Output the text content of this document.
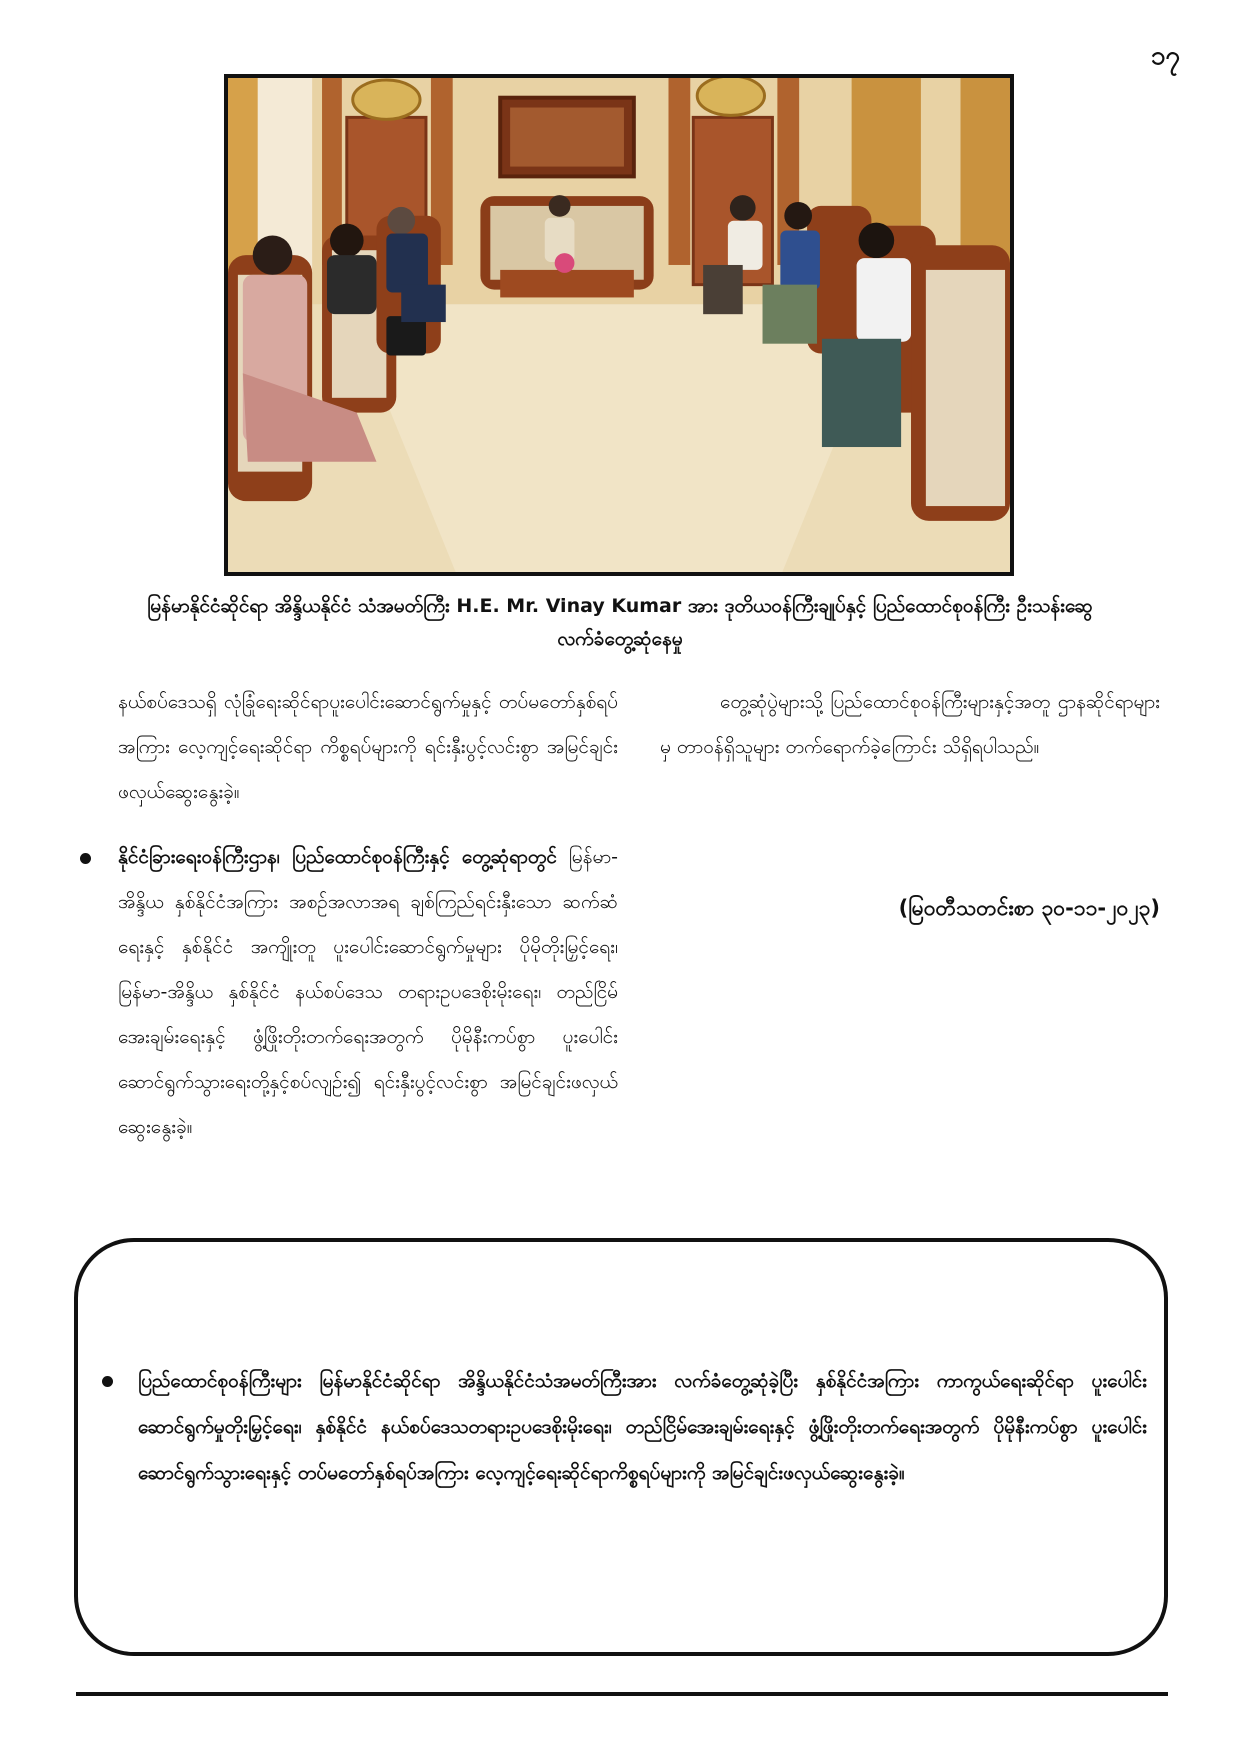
၁၇
မြန်မာနိုင်ငံဆိုင်ရာ အိန္ဒိယနိုင်ငံ သံအမတ်ကြီး H.E. Mr. Vinay Kumar အား ဒုတိယဝန်ကြီးချုပ်နှင့် ပြည်ထောင်စုဝန်ကြီး ဦးသန်းဆွေ
လက်ခံတွေ့ဆုံနေမှု

နယ်စပ်ဒေသရှိ လုံခြုံရေးဆိုင်ရာပူးပေါင်းဆောင်ရွက်မှုနှင့် တပ်မတော်နှစ်ရပ်အကြား လေ့ကျင့်ရေးဆိုင်ရာ ကိစ္စရပ်များကို ရင်းနှီးပွင့်လင်းစွာ အမြင်ချင်းဖလှယ်ဆွေးနွေးခဲ့။

နိုင်ငံခြားရေးဝန်ကြီးဌာန၊ ပြည်ထောင်စုဝန်ကြီးနှင့် တွေ့ဆုံရာတွင် မြန်မာ-အိန္ဒိယ နှစ်နိုင်ငံအကြား အစဉ်အလာအရ ချစ်ကြည်ရင်းနှီးသော ဆက်ဆံရေးနှင့် နှစ်နိုင်ငံ အကျိုးတူ ပူးပေါင်းဆောင်ရွက်မှုများ ပိုမိုတိုးမြှင့်ရေး၊ မြန်မာ-အိန္ဒိယ နှစ်နိုင်ငံ နယ်စပ်ဒေသ တရားဥပဒေစိုးမိုးရေး၊ တည်ငြိမ်အေးချမ်းရေးနှင့် ဖွံ့ဖြိုးတိုးတက်ရေးအတွက် ပိုမိုနီးကပ်စွာ ပူးပေါင်းဆောင်ရွက်သွားရေးတို့နှင့်စပ်လျဉ်း၍ ရင်းနှီးပွင့်လင်းစွာ အမြင်ချင်းဖလှယ် ဆွေးနွေးခဲ့။

တွေ့ဆုံပွဲများသို့ ပြည်ထောင်စုဝန်ကြီးများနှင့်အတူ ဌာနဆိုင်ရာများမှ တာဝန်ရှိသူများ တက်ရောက်ခဲ့ကြောင်း သိရှိရပါသည်။

(မြဝတီသတင်းစာ ၃၀-၁၁-၂၀၂၃)
ပြည်ထောင်စုဝန်ကြီးများ မြန်မာနိုင်ငံဆိုင်ရာ အိန္ဒိယနိုင်ငံသံအမတ်ကြီးအား လက်ခံတွေ့ဆုံခဲ့ပြီး နှစ်နိုင်ငံအကြား ကာကွယ်ရေးဆိုင်ရာ ပူးပေါင်းဆောင်ရွက်မှုတိုးမြှင့်ရေး၊ နှစ်နိုင်ငံ နယ်စပ်ဒေသတရားဥပဒေစိုးမိုးရေး၊ တည်ငြိမ်အေးချမ်းရေးနှင့် ဖွံ့ဖြိုးတိုးတက်ရေးအတွက် ပိုမိုနီးကပ်စွာ ပူးပေါင်းဆောင်ရွက်သွားရေးနှင့် တပ်မတော်နှစ်ရပ်အကြား လေ့ကျင့်ရေးဆိုင်ရာကိစ္စရပ်များကို အမြင်ချင်းဖလှယ်ဆွေးနွေးခဲ့။
